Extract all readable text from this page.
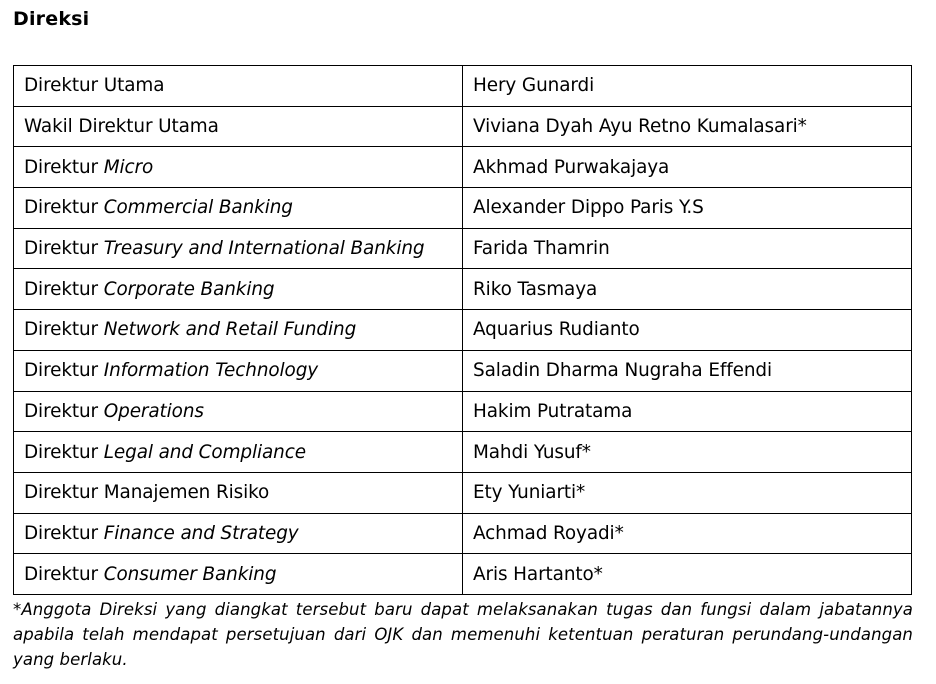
Direksi
Direktur Utama	Hery Gunardi
Wakil Direktur Utama	Viviana Dyah Ayu Retno Kumalasari*
Direktur Micro	Akhmad Purwakajaya
Direktur Commercial Banking	Alexander Dippo Paris Y.S
Direktur Treasury and International Banking	Farida Thamrin
Direktur Corporate Banking	Riko Tasmaya
Direktur Network and Retail Funding	Aquarius Rudianto
Direktur Information Technology	Saladin Dharma Nugraha Effendi
Direktur Operations	Hakim Putratama
Direktur Legal and Compliance	Mahdi Yusuf*
Direktur Manajemen Risiko	Ety Yuniarti*
Direktur Finance and Strategy	Achmad Royadi*
Direktur Consumer Banking	Aris Hartanto*
*Anggota Direksi yang diangkat tersebut baru dapat melaksanakan tugas dan fungsi dalam jabatannya apabila telah mendapat persetujuan dari OJK dan memenuhi ketentuan peraturan perundang-undangan yang berlaku.
